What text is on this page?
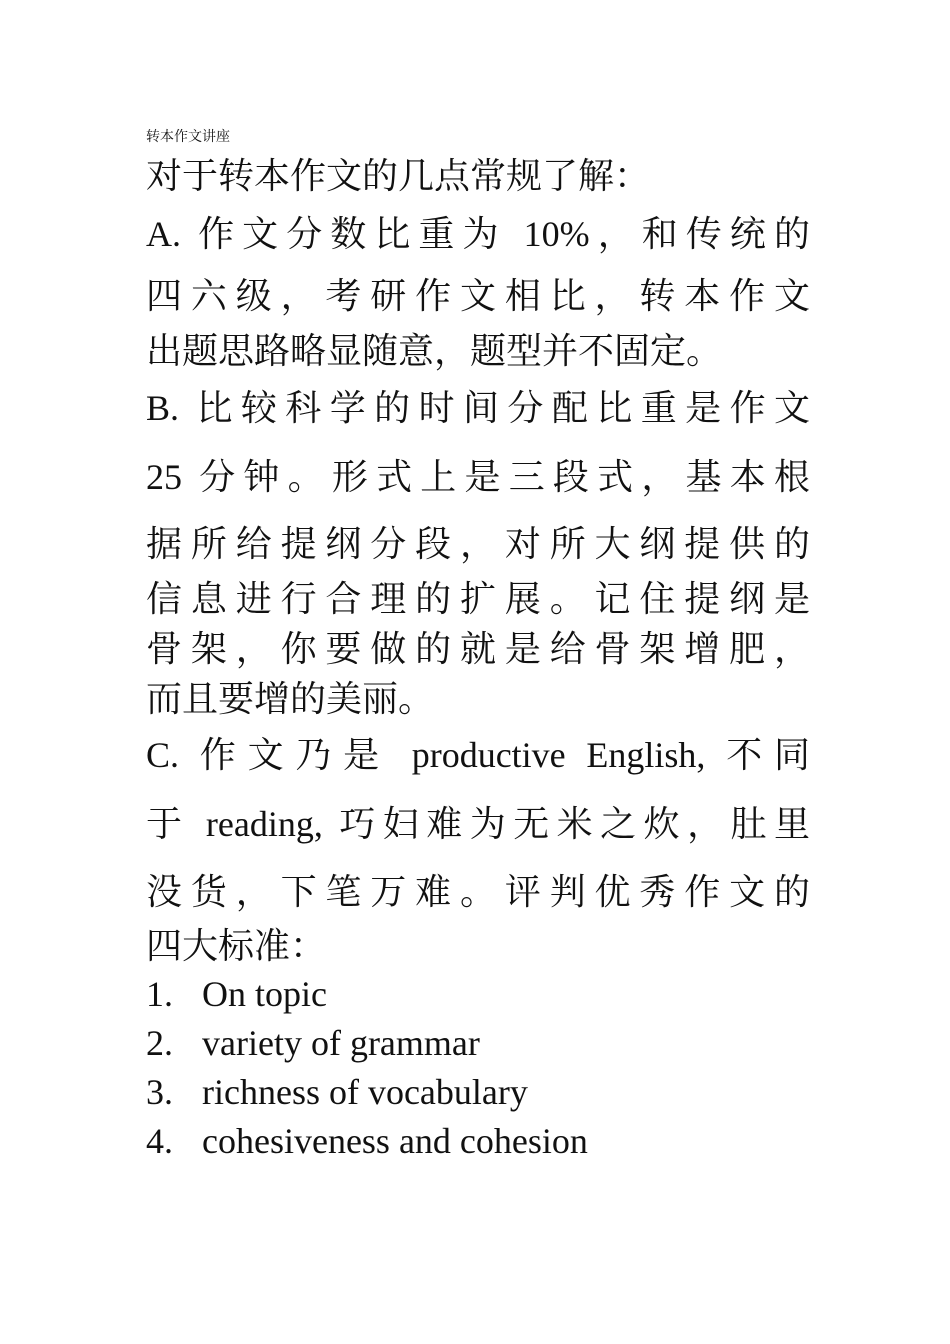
转本作文讲座
对于转本作文的几点常规了解：
A. 作文分数比重为 10%，和传统的
四六级，考研作文相比，转本作文
出题思路略显随意，题型并不固定。
B. 比较科学的时间分配比重是作文
25 分钟。形式上是三段式，基本根
据所给提纲分段，对所大纲提供的
信息进行合理的扩展。记住提纲是
骨架，你要做的就是给骨架增肥，
而且要增的美丽。
C. 作文乃是 productive English, 不同
于 reading, 巧妇难为无米之炊，肚里
没货，下笔万难。评判优秀作文的
四大标准：
1. On topic
2. variety of grammar
3. richness of vocabulary
4. cohesiveness and cohesion
